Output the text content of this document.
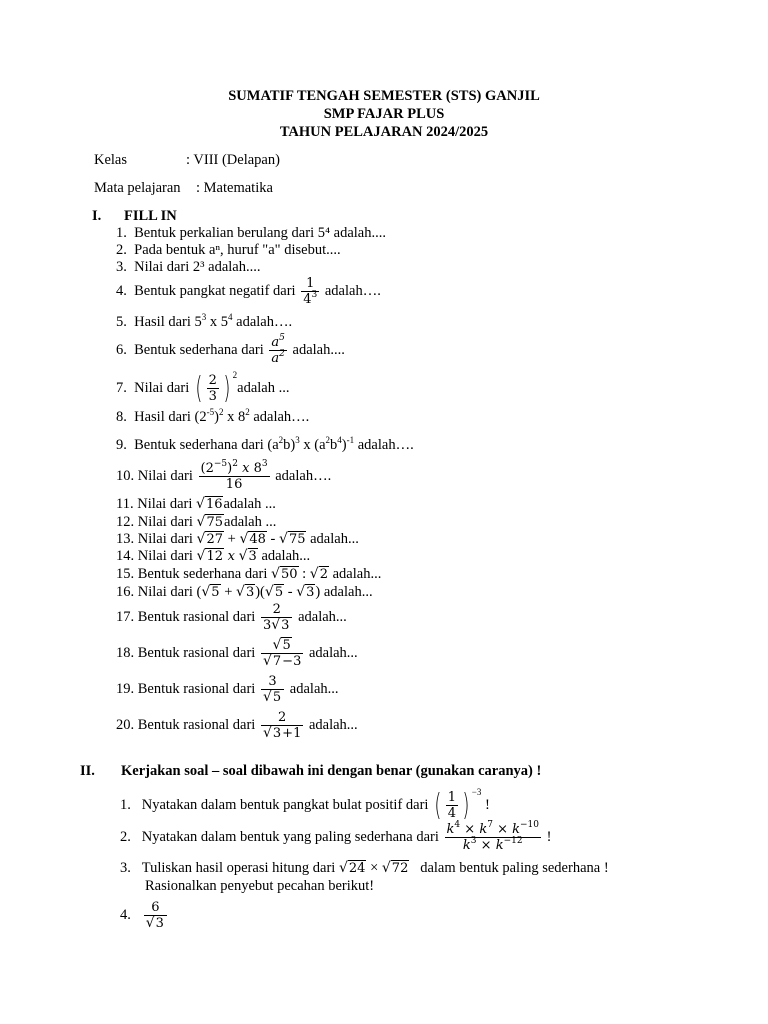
SUMATIF TENGAH SEMESTER (STS) GANJIL
SMP FAJAR PLUS
TAHUN PELAJARAN 2024/2025
Kelas	: VIII (Delapan)
Mata pelajaran : Matematika
I. FILL IN
1.  Bentuk perkalian berulang dari 5⁴ adalah....
2.  Pada bentuk aⁿ, huruf "a" disebut....
3.  Nilai dari 2³ adalah....
4.  Bentuk pangkat negatif dari $\frac{1}{4^3}$ adalah….
5.  Hasil dari $5^3$ x $5^4$ adalah….
6.  Bentuk sederhana dari $\frac{a^5}{a^2}$ adalah....
7.  Nilai dari ( $\frac{2}{3}$ ) $^2$adalah ...
8.  Hasil dari $(2^{-5})^2$ x $8^2$ adalah….
9.  Bentuk sederhana dari $(a^2b)^3$ x $(a^2b^4)^{-1}$ adalah….
10. Nilai dari $\frac{(2^{-5})^2 x 8^3}{16}$ adalah….
11. Nilai dari √16adalah ...
12. Nilai dari √75adalah ...
13. Nilai dari √27 + √48 - √75 adalah...
14. Nilai dari √12 x √3 adalah...
15. Bentuk sederhana dari √50 : √2 adalah...
16. Nilai dari (√5 + √3)(√5 - √3) adalah...
17. Bentuk rasional dari $\frac{2}{3√3}$ adalah...
18. Bentuk rasional dari $\frac{√5}{√7-3}$ adalah...
19. Bentuk rasional dari $\frac{3}{√5}$ adalah...
20. Bentuk rasional dari $\frac{2}{√3+1}$ adalah...
II. Kerjakan soal – soal dibawah ini dengan benar (gunakan caranya) !
1.   Nyatakan dalam bentuk pangkat bulat positif dari ( $\frac{1}{4}$ ) $^{-3}$ !
2.   Nyatakan dalam bentuk yang paling sederhana dari $\frac{k^4 \times k^7 \times k^{-10}}{k^3 \times k^{-12}}$ !
3.   Tuliskan hasil operasi hitung dari √24 × √72 dalam bentuk paling sederhana !
Rasionalkan penyebut pecahan berikut!
4. $\frac{6}{√3}$
